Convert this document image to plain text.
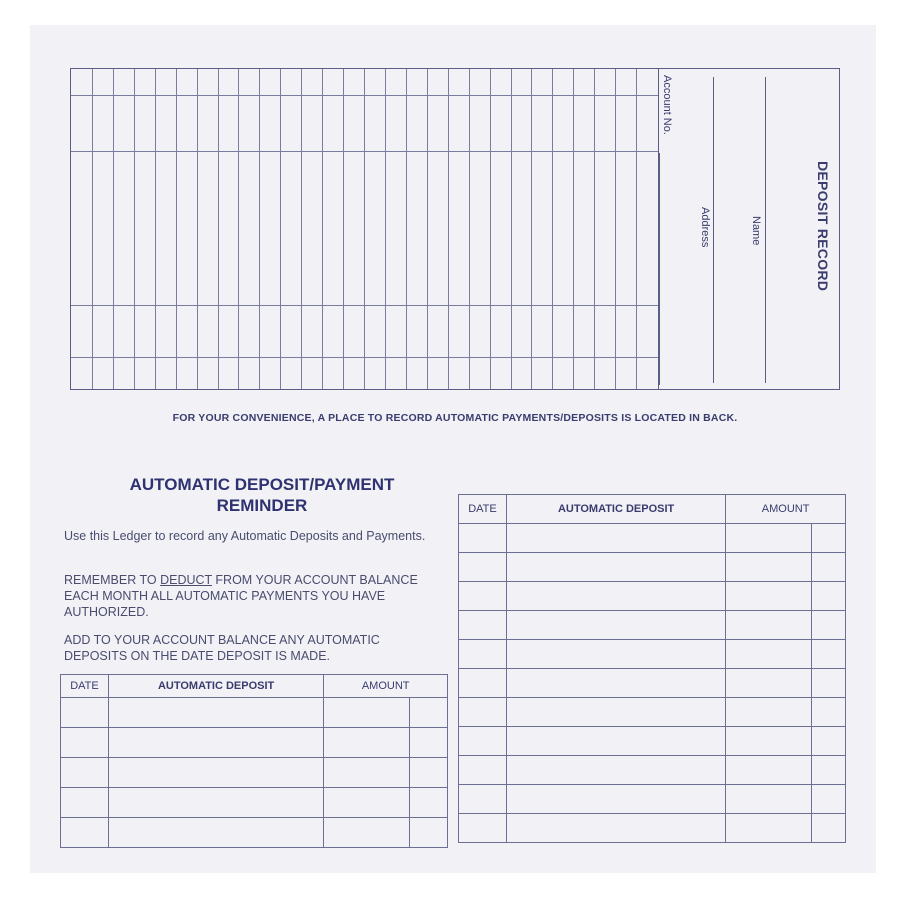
Account No.
Address	Name	DEPOSIT RECORD
FOR YOUR CONVENIENCE, A PLACE TO RECORD AUTOMATIC PAYMENTS/DEPOSITS IS LOCATED IN BACK.
AUTOMATIC DEPOSIT/PAYMENT
REMINDER
Use this Ledger to record any Automatic Deposits and Payments.
REMEMBER TO DEDUCT FROM YOUR ACCOUNT BALANCE EACH MONTH ALL AUTOMATIC PAYMENTS YOU HAVE AUTHORIZED.
ADD TO YOUR ACCOUNT BALANCE ANY AUTOMATIC DEPOSITS ON THE DATE DEPOSIT IS MADE.
DATE	AUTOMATIC DEPOSIT	AMOUNT	

DATE	AUTOMATIC DEPOSIT	AMOUNT	
